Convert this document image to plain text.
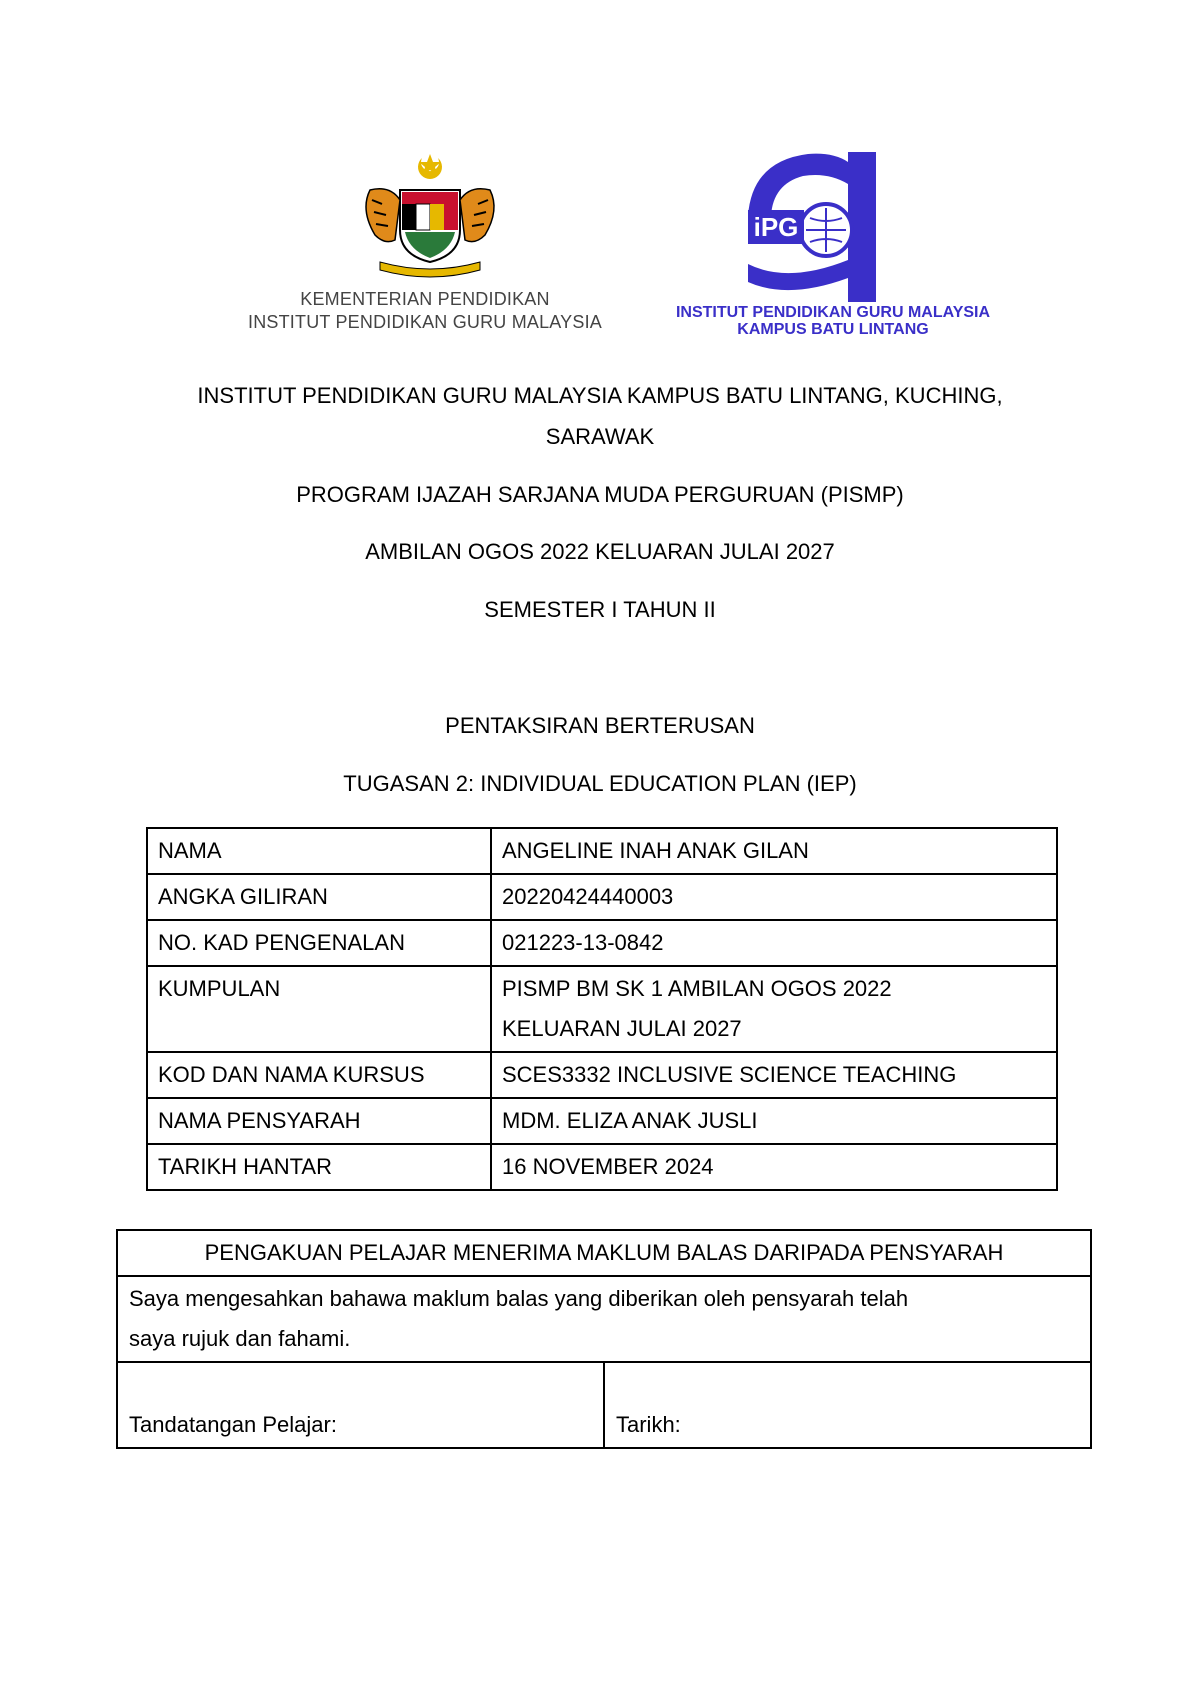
KEMENTERIAN PENDIDIKAN
INSTITUT PENDIDIKAN GURU MALAYSIA
iPG
INSTITUT PENDIDIKAN GURU MALAYSIA
KAMPUS BATU LINTANG
INSTITUT PENDIDIKAN GURU MALAYSIA KAMPUS BATU LINTANG, KUCHING,
SARAWAK
PROGRAM IJAZAH SARJANA MUDA PERGURUAN (PISMP)
AMBILAN OGOS 2022 KELUARAN JULAI 2027
SEMESTER I TAHUN II
PENTAKSIRAN BERTERUSAN
TUGASAN 2: INDIVIDUAL EDUCATION PLAN (IEP)
NAMA	ANGELINE INAH ANAK GILAN
ANGKA GILIRAN	20220424440003
NO. KAD PENGENALAN	021223-13-0842
KUMPULAN	PISMP BM SK 1 AMBILAN OGOS 2022
KELUARAN JULAI 2027

KOD DAN NAMA KURSUS	SCES3332 INCLUSIVE SCIENCE TEACHING
NAMA PENSYARAH	MDM. ELIZA ANAK JUSLI
TARIKH HANTAR	16 NOVEMBER 2024
PENGAKUAN PELAJAR MENERIMA MAKLUM BALAS DARIPADA PENSYARAH

Saya mengesahkan bahawa maklum balas yang diberikan oleh pensyarah telah
saya rujuk dan fahami.

Tandatangan Pelajar:	Tarikh:
